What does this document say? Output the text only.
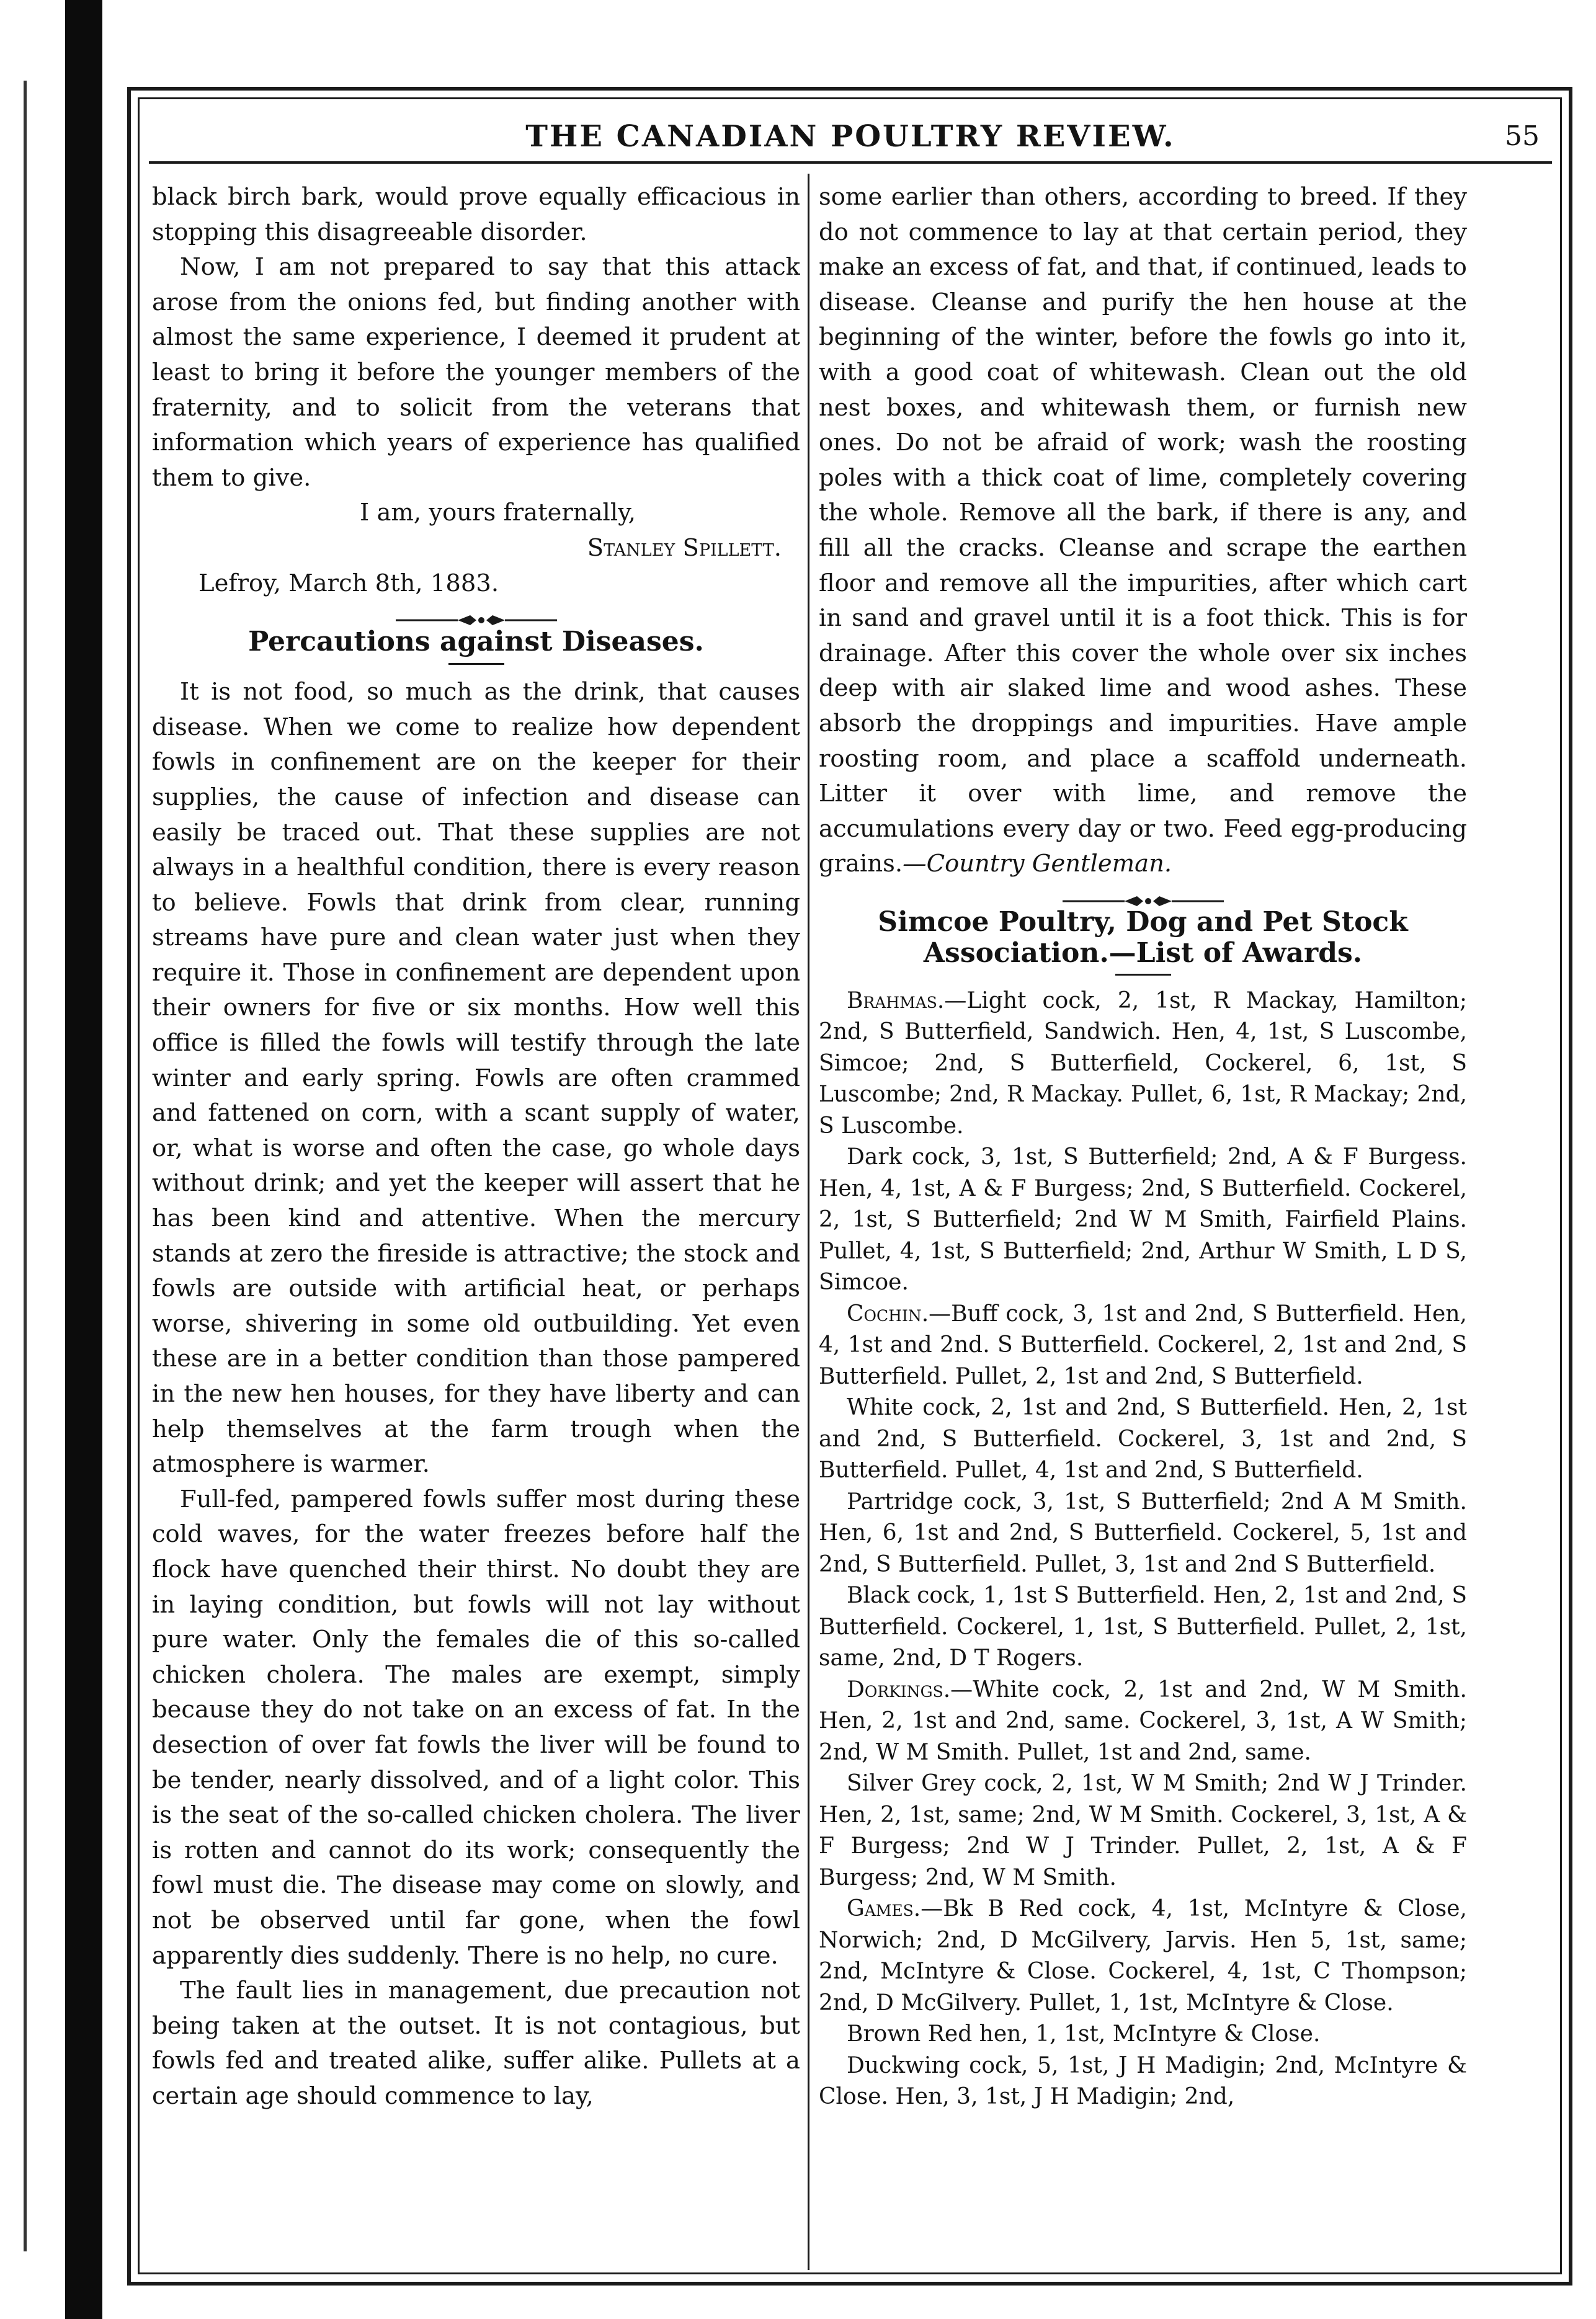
THE CANADIAN POULTRY REVIEW.	55

black birch bark, would prove equally efficacious in stopping this disagreeable disorder.

Now, I am not prepared to say that this attack arose from the onions fed, but finding another with almost the same experience, I deemed it prudent at least to bring it before the younger members of the fraternity, and to solicit from the veterans that information which years of experience has qualified them to give.

I am, yours fraternally,

Stanley Spillett.

Lefroy, March 8th, 1883.

Percautions against Diseases.

It is not food, so much as the drink, that causes disease. When we come to realize how dependent fowls in confinement are on the keeper for their supplies, the cause of infection and disease can easily be traced out. That these supplies are not always in a healthful condition, there is every reason to believe. Fowls that drink from clear, running streams have pure and clean water just when they require it. Those in confinement are dependent upon their owners for five or six months. How well this office is filled the fowls will testify through the late winter and early spring. Fowls are often crammed and fattened on corn, with a scant supply of water, or, what is worse and often the case, go whole days without drink; and yet the keeper will assert that he has been kind and attentive. When the mercury stands at zero the fireside is attractive; the stock and fowls are outside with artificial heat, or perhaps worse, shivering in some old outbuilding. Yet even these are in a better condition than those pampered in the new hen houses, for they have liberty and can help themselves at the farm trough when the atmosphere is warmer.

Full-fed, pampered fowls suffer most during these cold waves, for the water freezes before half the flock have quenched their thirst. No doubt they are in laying condition, but fowls will not lay without pure water. Only the females die of this so-called chicken cholera. The males are exempt, simply because they do not take on an excess of fat. In the desection of over fat fowls the liver will be found to be tender, nearly dissolved, and of a light color. This is the seat of the so-called chicken cholera. The liver is rotten and cannot do its work; consequently the fowl must die. The disease may come on slowly, and not be observed until far gone, when the fowl apparently dies suddenly. There is no help, no cure.

The fault lies in management, due precaution not being taken at the outset. It is not contagious, but fowls fed and treated alike, suffer alike. Pullets at a certain age should commence to lay,

some earlier than others, according to breed. If they do not commence to lay at that certain period, they make an excess of fat, and that, if continued, leads to disease. Cleanse and purify the hen house at the beginning of the winter, before the fowls go into it, with a good coat of whitewash. Clean out the old nest boxes, and whitewash them, or furnish new ones. Do not be afraid of work; wash the roosting poles with a thick coat of lime, completely covering the whole. Remove all the bark, if there is any, and fill all the cracks. Cleanse and scrape the earthen floor and remove all the impurities, after which cart in sand and gravel until it is a foot thick. This is for drainage. After this cover the whole over six inches deep with air slaked lime and wood ashes. These absorb the droppings and impurities. Have ample roosting room, and place a scaffold underneath. Litter it over with lime, and remove the accumulations every day or two. Feed egg-producing grains.—Country Gentleman.

Simcoe Poultry, Dog and Pet Stock Association.—List of Awards.

Brahmas.—Light cock, 2, 1st, R Mackay, Hamilton; 2nd, S Butterfield, Sandwich. Hen, 4, 1st, S Luscombe, Simcoe; 2nd, S Butterfield, Cockerel, 6, 1st, S Luscombe; 2nd, R Mackay. Pullet, 6, 1st, R Mackay; 2nd, S Luscombe.

Dark cock, 3, 1st, S Butterfield; 2nd, A & F Burgess. Hen, 4, 1st, A & F Burgess; 2nd, S Butterfield. Cockerel, 2, 1st, S Butterfield; 2nd W M Smith, Fairfield Plains. Pullet, 4, 1st, S Butterfield; 2nd, Arthur W Smith, L D S, Simcoe.

Cochin.—Buff cock, 3, 1st and 2nd, S Butterfield. Hen, 4, 1st and 2nd. S Butterfield. Cockerel, 2, 1st and 2nd, S Butterfield. Pullet, 2, 1st and 2nd, S Butterfield.

White cock, 2, 1st and 2nd, S Butterfield. Hen, 2, 1st and 2nd, S Butterfield. Cockerel, 3, 1st and 2nd, S Butterfield. Pullet, 4, 1st and 2nd, S Butterfield.

Partridge cock, 3, 1st, S Butterfield; 2nd A M Smith. Hen, 6, 1st and 2nd, S Butterfield. Cockerel, 5, 1st and 2nd, S Butterfield. Pullet, 3, 1st and 2nd S Butterfield.

Black cock, 1, 1st S Butterfield. Hen, 2, 1st and 2nd, S Butterfield. Cockerel, 1, 1st, S Butterfield. Pullet, 2, 1st, same, 2nd, D T Rogers.

Dorkings.—White cock, 2, 1st and 2nd, W M Smith. Hen, 2, 1st and 2nd, same. Cockerel, 3, 1st, A W Smith; 2nd, W M Smith. Pullet, 1st and 2nd, same.

Silver Grey cock, 2, 1st, W M Smith; 2nd W J Trinder. Hen, 2, 1st, same; 2nd, W M Smith. Cockerel, 3, 1st, A & F Burgess; 2nd W J Trinder. Pullet, 2, 1st, A & F Burgess; 2nd, W M Smith.

Games.—Bk B Red cock, 4, 1st, McIntyre & Close, Norwich; 2nd, D McGilvery, Jarvis. Hen 5, 1st, same; 2nd, McIntyre & Close. Cockerel, 4, 1st, C Thompson; 2nd, D McGilvery. Pullet, 1, 1st, McIntyre & Close.

Brown Red hen, 1, 1st, McIntyre & Close.

Duckwing cock, 5, 1st, J H Madigin; 2nd, McIntyre & Close. Hen, 3, 1st, J H Madigin; 2nd,
